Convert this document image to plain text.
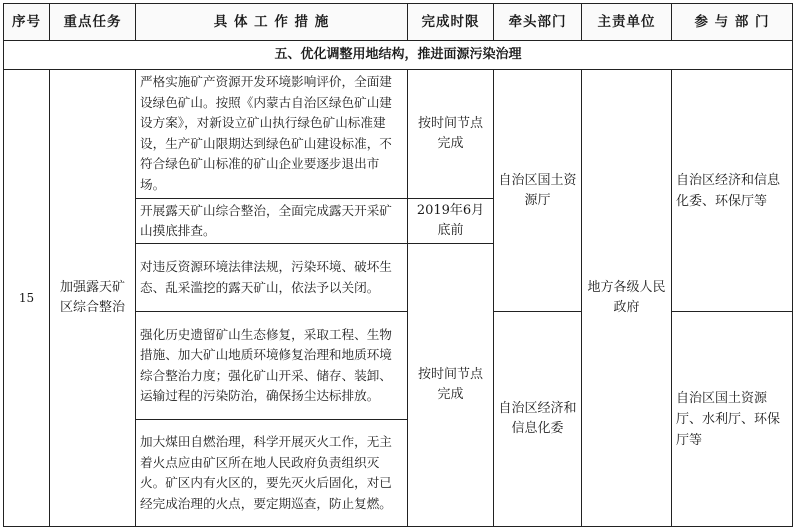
序号	重点任务	具 体 工 作 措 施	完成时限	牵头部门	主责单位	参 与 部 门
五、优化调整用地结构，推进面源污染治理						
15	加强露天矿区综合整治	严格实施矿产资源开发环境影响评价，全面建设绿色矿山。按照《内蒙古自治区绿色矿山建设方案》，对新设立矿山执行绿色矿山标准建设，生产矿山限期达到绿色矿山建设标准，不符合绿色矿山标准的矿山企业要逐步退出市场。	按时间节点完成	自治区国土资源厅	地方各级人民政府	自治区经济和信息化委、环保厅等
		开展露天矿山综合整治，全面完成露天开采矿山摸底排查。	2019年6月底前			
		对违反资源环境法律法规，污染环境、破坏生态、乱采滥挖的露天矿山，依法予以关闭。	按时间节点完成			
		强化历史遗留矿山生态修复，采取工程、生物措施、加大矿山地质环境修复治理和地质环境综合整治力度；强化矿山开采、储存、装卸、运输过程的污染防治，确保扬尘达标排放。		自治区经济和信息化委		自治区国土资源厅、水利厅、环保厅等
		加大煤田自燃治理，科学开展灭火工作，无主着火点应由矿区所在地人民政府负责组织灭火。矿区内有火区的，要先灭火后固化，对已经完成治理的火点，要定期巡查，防止复燃。				
